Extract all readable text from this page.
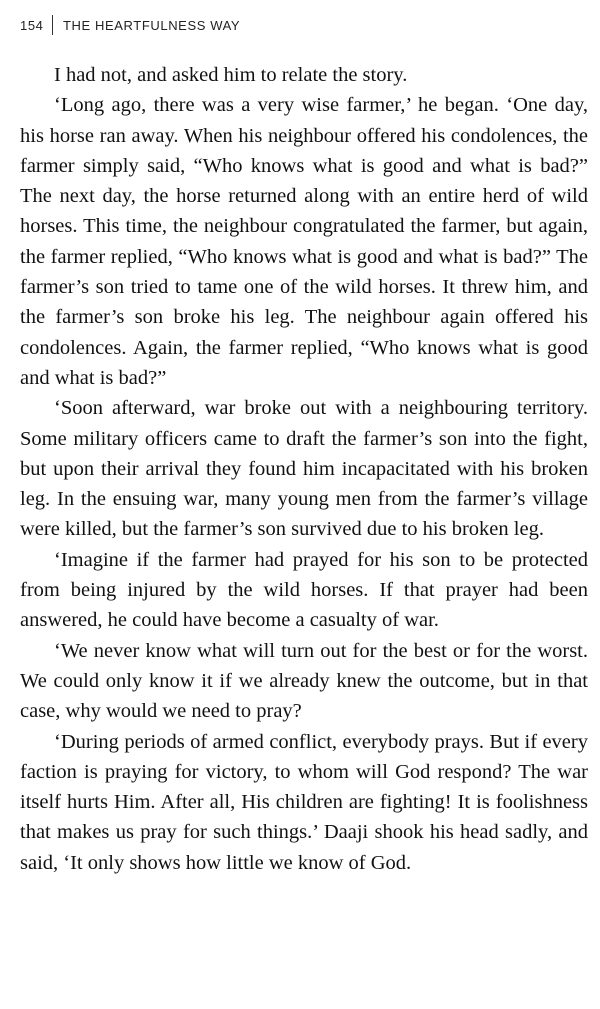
154 THE HEARTFULNESS WAY

I had not, and asked him to relate the story.

‘Long ago, there was a very wise farmer,’ he began. ‘One day, his horse ran away. When his neighbour offered his condolences, the farmer simply said, “Who knows what is good and what is bad?” The next day, the horse returned along with an entire herd of wild horses. This time, the neighbour congratulated the farmer, but again, the farmer replied, “Who knows what is good and what is bad?” The farmer’s son tried to tame one of the wild horses. It threw him, and the farmer’s son broke his leg. The neighbour again offered his condolences. Again, the farmer replied, “Who knows what is good and what is bad?”

‘Soon afterward, war broke out with a neighbouring territory. Some military officers came to draft the farmer’s son into the fight, but upon their arrival they found him incapacitated with his broken leg. In the ensuing war, many young men from the farmer’s village were killed, but the farmer’s son survived due to his broken leg.

‘Imagine if the farmer had prayed for his son to be protected from being injured by the wild horses. If that prayer had been answered, he could have become a casualty of war.

‘We never know what will turn out for the best or for the worst. We could only know it if we already knew the outcome, but in that case, why would we need to pray?

‘During periods of armed conflict, everybody prays. But if every faction is praying for victory, to whom will God respond? The war itself hurts Him. After all, His children are fighting! It is foolishness that makes us pray for such things.’ Daaji shook his head sadly, and said, ‘It only shows how little we know of God.
